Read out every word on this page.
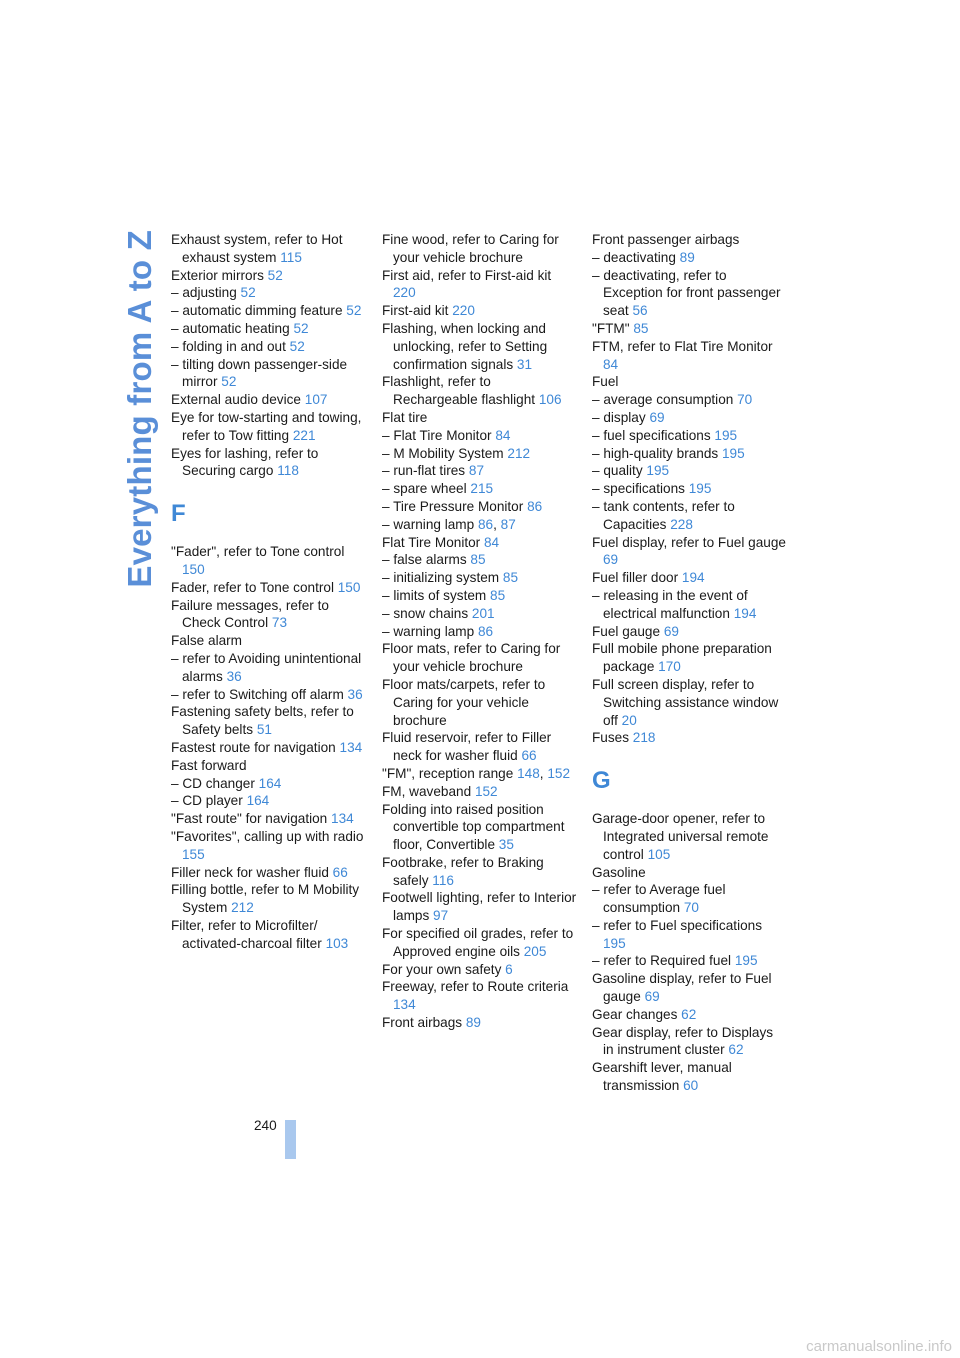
Everything from A to Z Exhaust system, refer to Hot exhaust system 115
Exterior mirrors 52
– adjusting 52
– automatic dimming feature 52
– automatic heating 52
– folding in and out 52
– tilting down passenger-side mirror 52
External audio device 107
Eye for tow-starting and towing, refer to Tow fitting 221
Eyes for lashing, refer to Securing cargo 118
F
"Fader", refer to Tone control 150
Fader, refer to Tone control 150
Failure messages, refer to Check Control 73
False alarm
– refer to Avoiding unintentional alarms 36
– refer to Switching off alarm 36
Fastening safety belts, refer to Safety belts 51
Fastest route for navigation 134
Fast forward
– CD changer 164
– CD player 164
"Fast route" for navigation 134
"Favorites", calling up with radio 155
Filler neck for washer fluid 66
Filling bottle, refer to M Mobility System 212
Filter, refer to Microfilter/ activated-charcoal filter 103
Fine wood, refer to Caring for your vehicle brochure
First aid, refer to First-aid kit 220
First-aid kit 220
Flashing, when locking and unlocking, refer to Setting confirmation signals 31
Flashlight, refer to Rechargeable flashlight 106
Flat tire
– Flat Tire Monitor 84
– M Mobility System 212
– run-flat tires 87
– spare wheel 215
– Tire Pressure Monitor 86
– warning lamp 86, 87
Flat Tire Monitor 84
– false alarms 85
– initializing system 85
– limits of system 85
– snow chains 201
– warning lamp 86
Floor mats, refer to Caring for your vehicle brochure
Floor mats/carpets, refer to Caring for your vehicle brochure
Fluid reservoir, refer to Filler neck for washer fluid 66
"FM", reception range 148, 152
FM, waveband 152
Folding into raised position convertible top compartment floor, Convertible 35
Footbrake, refer to Braking safely 116
Footwell lighting, refer to Interior lamps 97
For specified oil grades, refer to Approved engine oils 205
For your own safety 6
Freeway, refer to Route criteria 134
Front airbags 89
Front passenger airbags
– deactivating 89
– deactivating, refer to Exception for front passenger seat 56
"FTM" 85
FTM, refer to Flat Tire Monitor 84
Fuel
– average consumption 70
– display 69
– fuel specifications 195
– high-quality brands 195
– quality 195
– specifications 195
– tank contents, refer to Capacities 228
Fuel display, refer to Fuel gauge 69
Fuel filler door 194
– releasing in the event of electrical malfunction 194
Fuel gauge 69
Full mobile phone preparation package 170
Full screen display, refer to Switching assistance window off 20
Fuses 218
G
Garage-door opener, refer to Integrated universal remote control 105
Gasoline
– refer to Average fuel consumption 70
– refer to Fuel specifications 195
– refer to Required fuel 195
Gasoline display, refer to Fuel gauge 69
Gear changes 62
Gear display, refer to Displays in instrument cluster 62
Gearshift lever, manual transmission 60
240
carmanualsonline.info
